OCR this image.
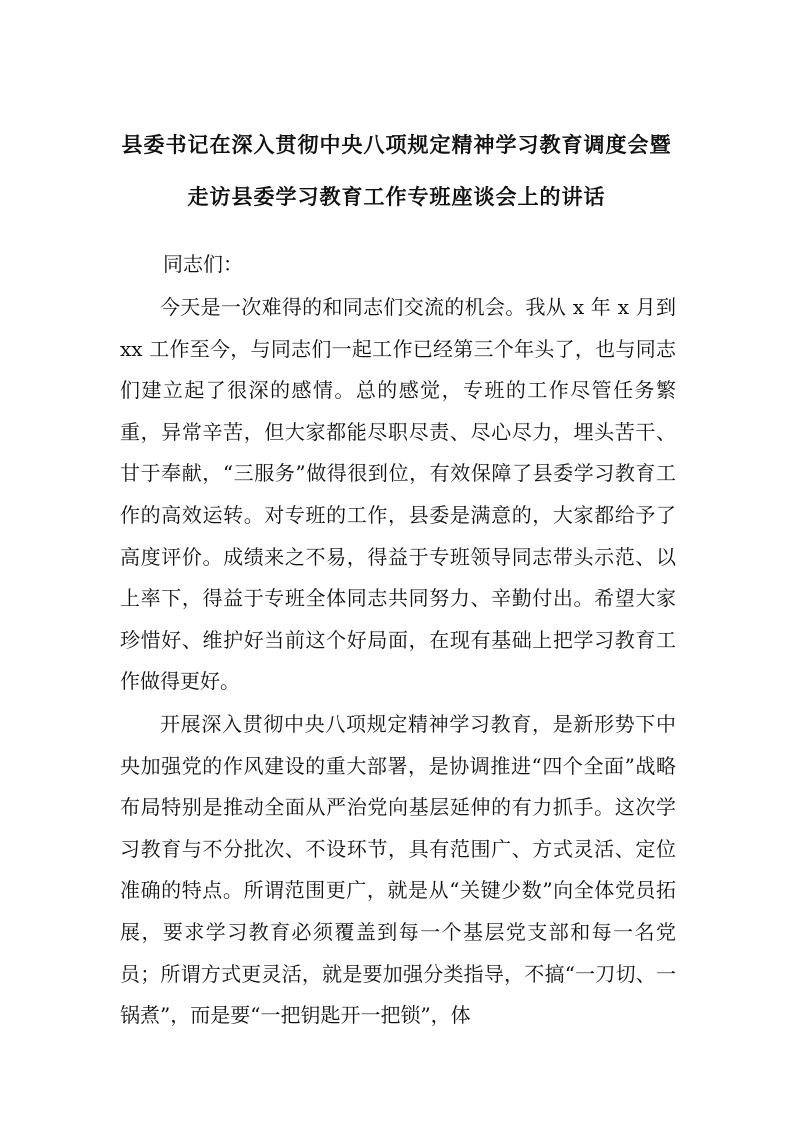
县委书记在深入贯彻中央八项规定精神学习教育调度会暨
走访县委学习教育工作专班座谈会上的讲话
同志们：

今天是一次难得的和同志们交流的机会。我从 x 年 x 月到 xx 工作至今，与同志们一起工作已经第三个年头了，也与同志们建立起了很深的感情。总的感觉，专班的工作尽管任务繁重，异常辛苦，但大家都能尽职尽责、尽心尽力，埋头苦干、甘于奉献，“三服务”做得很到位，有效保障了县委学习教育工作的高效运转。对专班的工作，县委是满意的，大家都给予了高度评价。成绩来之不易，得益于专班领导同志带头示范、以上率下，得益于专班全体同志共同努力、辛勤付出。希望大家珍惜好、维护好当前这个好局面，在现有基础上把学习教育工作做得更好。

开展深入贯彻中央八项规定精神学习教育，是新形势下中央加强党的作风建设的重大部署，是协调推进“四个全面”战略布局特别是推动全面从严治党向基层延伸的有力抓手。这次学习教育与不分批次、不设环节，具有范围广、方式灵活、定位准确的特点。所谓范围更广，就是从“关键少数”向全体党员拓展，要求学习教育必须覆盖到每一个基层党支部和每一名党员；所谓方式更灵活，就是要加强分类指导，不搞“一刀切、一锅煮”，而是要“一把钥匙开一把锁”，体
